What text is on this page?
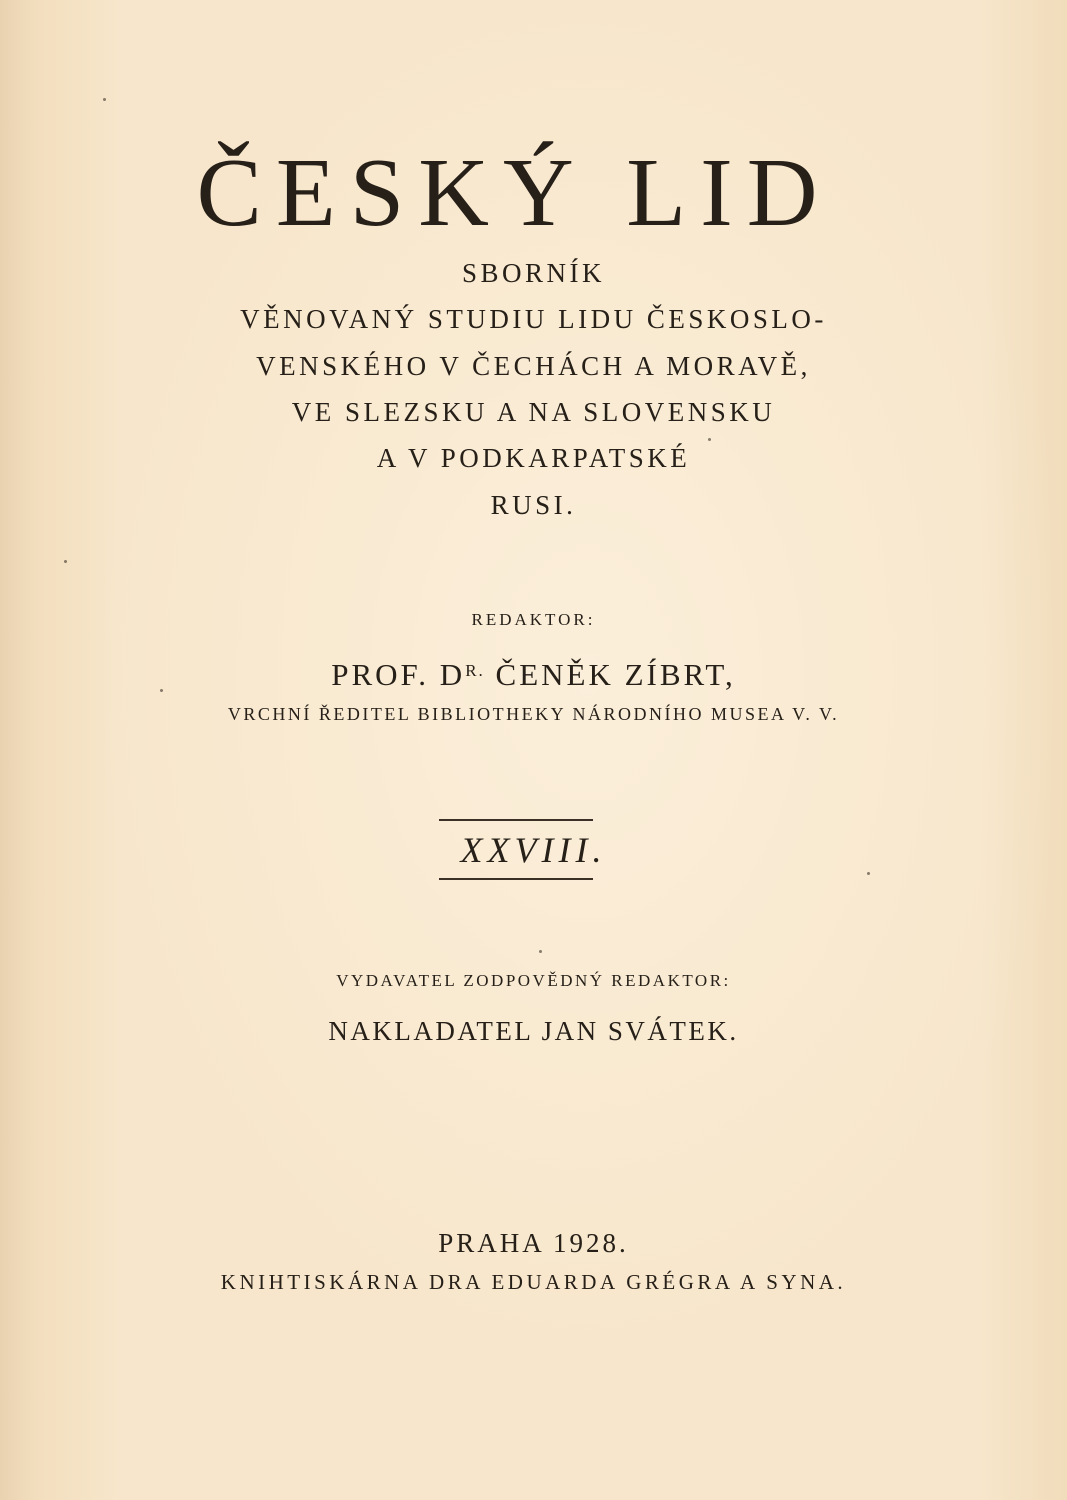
ČESKÝ LID
SBORNÍK
VĚNOVANÝ STUDIU LIDU ČESKOSLO-
VENSKÉHO V ČECHÁCH A MORAVĚ,
VE SLEZSKU A NA SLOVENSKU
A V PODKARPATSKÉ
RUSI.
REDAKTOR:
PROF. $D^{R.}$ ČENĚK ZÍBRT,
VRCHNÍ ŘEDITEL BIBLIOTHEKY NÁRODNÍHO MUSEA V. V.
XXVIII.
VYDAVATEL ZODPOVĚDNÝ REDAKTOR:
NAKLADATEL JAN SVÁTEK.
PRAHA 1928.
KNIHTISKÁRNA DRA EDUARDA GRÉGRA A SYNA.
